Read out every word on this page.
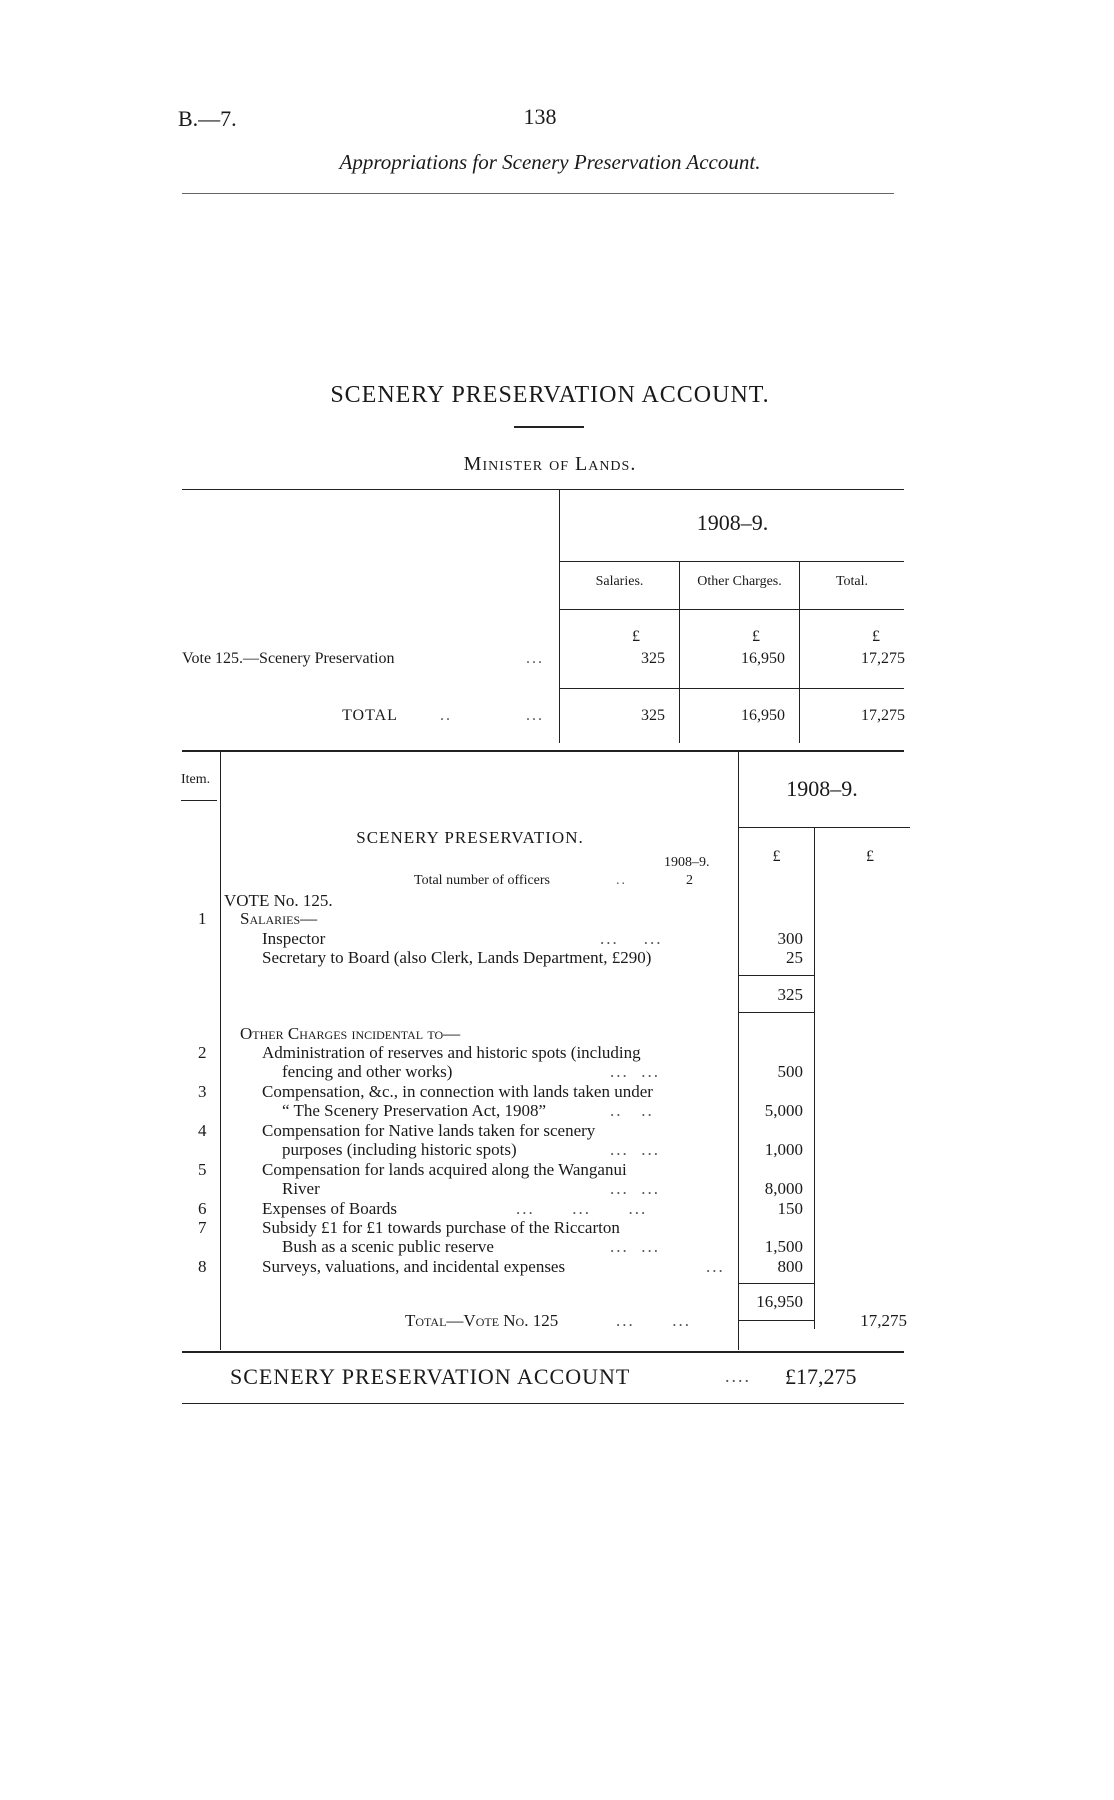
B.—7.	138
Appropriations for Scenery Preservation Account.
SCENERY PRESERVATION ACCOUNT.
Minister of Lands.
1908–9.
Salaries.	Other Charges.	Total.
£	£	£
Vote 125.—Scenery Preservation	...	325	16,950	17,275
TOTAL	..	...	325	16,950	17,275
Item.	1908–9.
£	£
SCENERY PRESERVATION.
1908–9.
Total number of officers	..	2
VOTE No. 125.
Salaries—
1
Inspector	...    ...	300
Secretary to Board (also Clerk, Lands Department, £290)	25
325
Other Charges incidental to—
2	Administration of reserves and historic spots (including
fencing and other works)	...  ...	500
3	Compensation, &c., in connection with lands taken under
“ The Scenery Preservation Act, 1908”	..   ..	5,000
4	Compensation for Native lands taken for scenery
purposes (including historic spots)	...  ...	1,000
5	Compensation for lands acquired along the Wanganui
River	...  ...	8,000
6	Expenses of Boards	...      ...      ...	150
7	Subsidy £1 for £1 towards purchase of the Riccarton
Bush as a scenic public reserve	...  ...	1,500
8	Surveys, valuations, and incidental expenses	...	800
16,950
Total—Vote No. 125	...      ...	17,275
SCENERY PRESERVATION ACCOUNT	.... £17,275
